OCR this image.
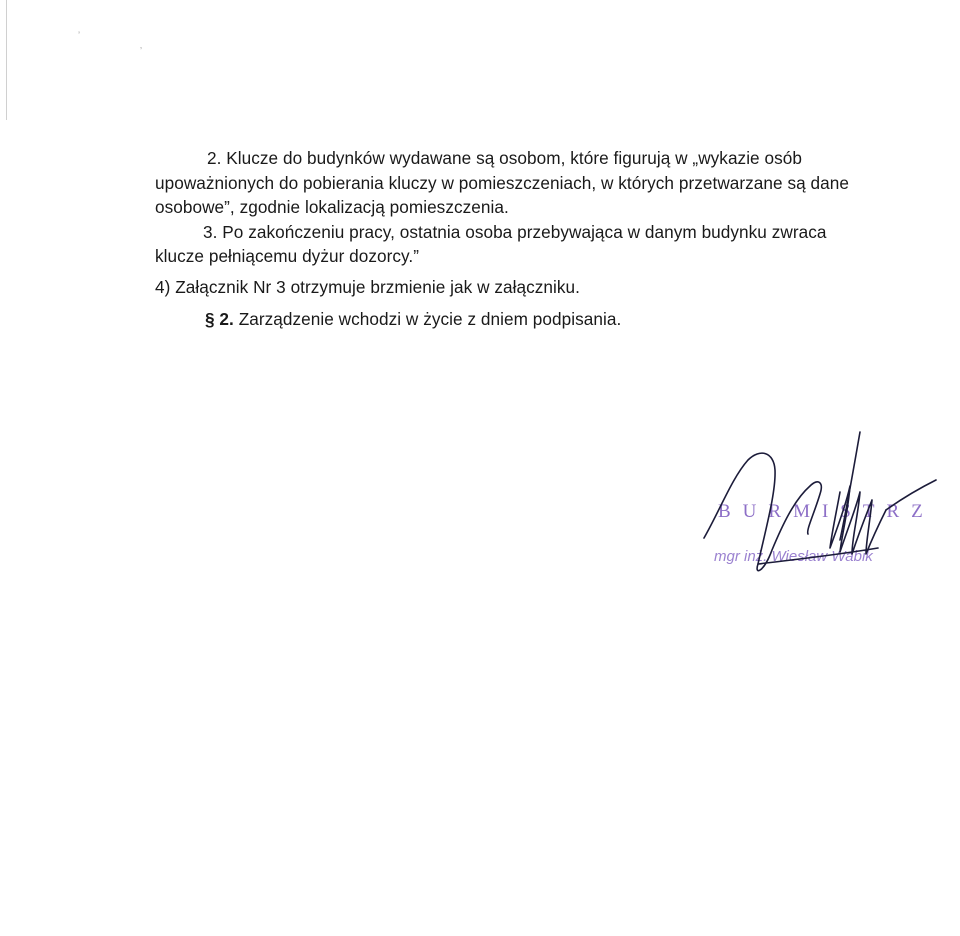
’
‚

2. Klucze do budynków wydawane są osobom, które figurują w „wykazie osób

upoważnionych do pobierania kluczy w pomieszczeniach, w których przetwarzane są dane

osobowe”, zgodnie lokalizacją pomieszczenia.

3. Po zakończeniu pracy, ostatnia osoba przebywająca w danym budynku zwraca

klucze pełniącemu dyżur dozorcy.”

4) Załącznik Nr 3 otrzymuje brzmienie jak w załączniku.

§ 2. Zarządzenie wchodzi w życie z dniem podpisania.

BURMISTRZ
mgr inż. Wiesław Wabik
